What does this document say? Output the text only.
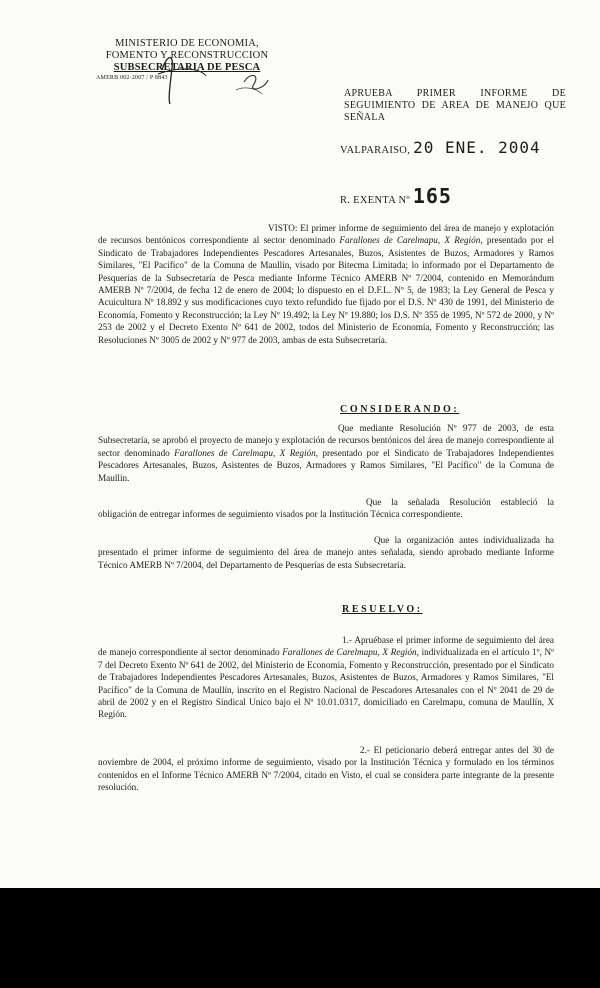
MINISTERIO DE ECONOMIA,
FOMENTO Y RECONSTRUCCION
SUBSECRETARIA DE PESCA
AMERB 002-2007 / P 8843
APRUEBA PRIMER INFORME DE SEGUIMIENTO DE AREA DE MANEJO QUE SEÑALA
VALPARAISO, 20 ENE. 2004
R. EXENTA Nº 165
VISTO: El primer informe de seguimiento del área de manejo y explotación de recursos bentónicos correspondiente al sector denominado Farallones de Carelmapu, X Región, presentado por el Sindicato de Trabajadores Independientes Pescadores Artesanales, Buzos, Asistentes de Buzos, Armadores y Ramos Similares, "El Pacífico" de la Comuna de Maullín, visado por Bitecma Limitada; lo informado por el Departamento de Pesquerías de la Subsecretaría de Pesca mediante Informe Técnico AMERB Nº 7/2004, contenido en Memorándum AMERB Nº 7/2004, de fecha 12 de enero de 2004; lo dispuesto en el D.F.L. Nº 5, de 1983; la Ley General de Pesca y Acuicultura Nº 18.892 y sus modificaciones cuyo texto refundido fue fijado por el D.S. Nº 430 de 1991, del Ministerio de Economía, Fomento y Reconstrucción; la Ley Nº 19.492; la Ley Nº 19.880; los D.S. Nº 355 de 1995, Nº 572 de 2000, y Nº 253 de 2002 y el Decreto Exento Nº 641 de 2002, todos del Ministerio de Economía, Fomento y Reconstrucción; las Resoluciones Nº 3005 de 2002 y Nº 977 de 2003, ambas de esta Subsecretaría.
CONSIDERANDO:
Que mediante Resolución Nº 977 de 2003, de esta Subsecretaría, se aprobó el proyecto de manejo y explotación de recursos bentónicos del área de manejo correspondiente al sector denominado Farallones de Carelmapu, X Región, presentado por el Sindicato de Trabajadores Independientes Pescadores Artesanales, Buzos, Asistentes de Buzos, Armadores y Ramos Similares, "El Pacífico" de la Comuna de Maullín.
Que la señalada Resolución estableció la obligación de entregar informes de seguimiento visados por la Institución Técnica correspondiente.
Que la organización antes individualizada ha presentado el primer informe de seguimiento del área de manejo antes señalada, siendo aprobado mediante Informe Técnico AMERB Nº 7/2004, del Departamento de Pesquerías de esta Subsecretaría.
RESUELVO:
1.- Apruébase el primer informe de seguimiento del área de manejo correspondiente al sector denominado Farallones de Carelmapu, X Región, individualizada en el artículo 1º, Nº 7 del Decreto Exento Nº 641 de 2002, del Ministerio de Economía, Fomento y Reconstrucción, presentado por el Sindicato de Trabajadores Independientes Pescadores Artesanales, Buzos, Asistentes de Buzos, Armadores y Ramos Similares, "El Pacífico" de la Comuna de Maullín, inscrito en el Registro Nacional de Pescadores Artesanales con el Nº 2041 de 29 de abril de 2002 y en el Registro Sindical Unico bajo el Nº 10.01.0317, domiciliado en Carelmapu, comuna de Maullín, X Región.
2.- El peticionario deberá entregar antes del 30 de noviembre de 2004, el próximo informe de seguimiento, visado por la Institución Técnica y formulado en los términos contenidos en el Informe Técnico AMERB Nº 7/2004, citado en Visto, el cual se considera parte integrante de la presente resolución.
